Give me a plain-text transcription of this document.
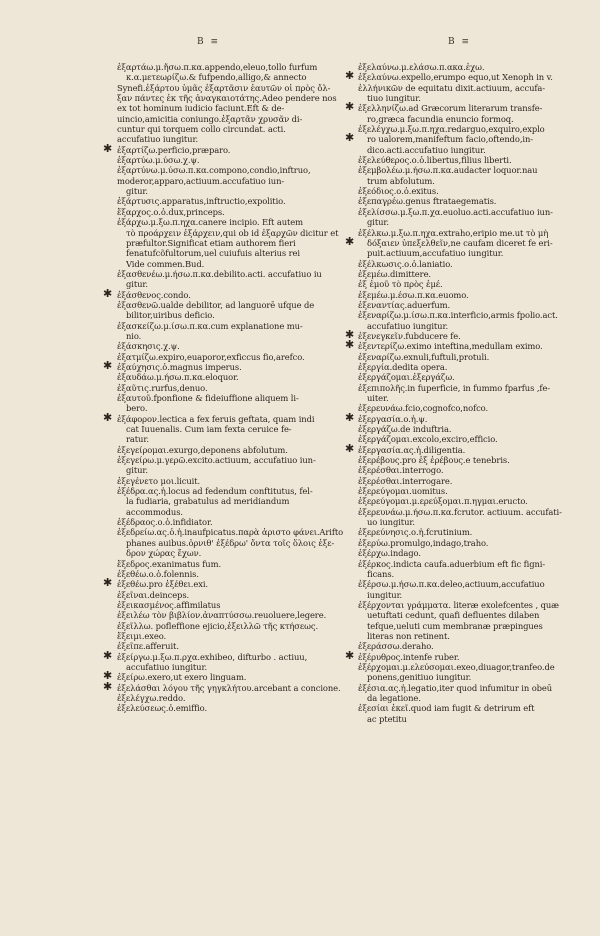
B ≡	B ≡
ἐξαρτάω.μ.ἤσω.π.κα.appendo,eleuo,tollo furfum
κ.α.μετεωρίζω.& fufpendo,alligo,& annecto
Synefi.ἐξάρτου ὑμᾶς ἐξαρτᾶσιν ἑαυτῶν οἱ πρὸς ὄλ-
ξαν πάντες ἐκ τῆς ἀναγκαιοτάτης.Adeo pendere nos
ex tot hominum iudicio faciunt.Eft & de-
uincio,amicitia coniungo.ἐξαρτᾶν χρυσᾶν di-
cuntur qui torquem collo circundat. acti.
accufatiuo iungitur.
✱ ἐξαρτίζω.perficio,præparo.
ἐξαρτύω.μ.ύσω.χ.ψ.
ἐξαρτύνω.μ.ύσω.π.κα.compono,condio,inftruo,
moderor,apparo,actiuum.accufatiuo iun-
gitur.
ἐξάρτυσις.apparatus,inftructio,expolitio.
ἔξαρχος.ο.ὁ.dux,princeps.
ἐξάρχω.μ.ξω.π.ηχα.canere incipio. Eft autem
τὸ προάρχειν ἐξάρχειν,qui ob id ἐξαρχῶν dicitur et
præfultor.Significat etiam authorem fieri
fenatufcõfultorum,uel cuiufuis alterius rei
Vide commen.Bud.
ἐξασθενέω.μ.ήσω.π.κα.debilito.acti. accufatiuo iu
gitur.
✱ ἐξάσθενος.condo.
ἐξασθενῶ.ualde debilitor, ad languorē ufque de
bilitor,uiribus deficio.
ἐξασκείζω.μ.ίσω.π.κα.cum explanatione mu-
nio.
ἐξάσκησις.χ.ψ.
ἐξατμίζω.expiro,euaporor,exficcus fio,arefco.
✱ ἐξαύχησις.ὁ.magnus imperus.
ἐξαυδάω.μ.ήσω.π.κα.eloquor.
ἐξαῦτις.rurfus,denuo.
ἐξαυτοῦ.fponfione & fideiuffione aliquem li-
bero.
✱ ἐξάφορον.lectica a fex feruis geftata, quam indi
cat Iuuenalis. Cum iam fexta ceruice fe-
ratur.
ἐξεγείρομαι.exurgo,deponens abfolutum.
ἐξεγείρω.μ.γερῶ.excito.actiuum, accufatiuo iun-
gitur.
ἐξεγένετο μοι.licuit.
ἐξέδρα.ας.ἡ.locus ad fedendum conftitutus, fel-
la fudiaria, grabatulus ad meridiandum
accommodus.
ἐξέδραος.ο.ὁ.infidiator.
ἐξεδρείω.ας.ὁ.ἡ.inaufpicatus.παρὰ ἀριστο φάνει.Arifto
phanes auibus.ὀρνιθ' ἐξέδρω' ὄντα τοῖς ὅλοις ἐξε-
δρον χώρας ἔχων.
ἔξεδρος.exanimatus fum.
ἐξεθέω.ο.ὁ.folennis.
✱ ἐξεθέω.pro ἐξέθει.exi.
ἐξεῖναι.deinceps.
ἐξεικασμένος.affimilatus
ἐξειλέω τὸν βιβλίον.ἀναπτύσσω.reuoluere,legere.
ἐξεῖλλω. pofleffione ejicio,ἐξειλλῶ τῆς κτήσεως.
ἔξειμι.exeo.
ἐξεῖπε.afferuit.
✱ ἐξείργω.μ.ξω.π.ρχα.exhibeo, difturbo . actiuu,
accufatiuo iungitur.
✱ ἐξείρω.exero,ut exero linguam.
✱ ἐξελάσθαι λόγου τῆς γηγκλήτου.arcebant a concione.
ἐξελέγχω.reddo.
ἐξελεύσεως.ὁ.emiffio.
ἐξελαύνω.μ.ελάσω.π.ακα.ἐχω.
✱ ἐξελαύνω.expello,erumpo equo,ut Xenoph in v.
ἐλλήνικῶν de equitatu dixit.actiuum, accufa-
tiuo iungitur.
✱ ἐξελληνίζω.ad Græcorum literarum transfe-
ro,græca facundia enuncio formoq.
ἐξελέγχω.μ.ξω.π.ηχα.redarguo,exquiro,explo
✱ ro ualorem,manifeftum facio,oftendo,in-
dico.acti.accufatiuo iungitur.
ἐξελεύθερος.ο.ὁ.libertus,filius liberti.
ἐξεμβολέω.μ.ήσω.π.κα.audacter loquor.nau
trum abfolutum.
ἐξεόδιος.ο.ὁ.exitus.
ἐξεπαγρέω.genus ftrataegematis.
ἐξελίσσω.μ.ξω.π.χα.euoluo.acti.accufatiuo iun-
gitur.
ἐξέλκω.μ.ξω.π.ηχα.extraho,eripio me.ut τὸ μὴ
✱ δόξαιεν ὑπεξελθεῖν,ne caufam diceret fe eri-
puit.actiuum,accufatiuo iungitur.
ἐξέλκωσις.ο.ὁ.laniatio.
ἐξεμέω.dimittere.
ἐξ ἐμοῦ τὸ πρὸς ἐμέ.
ἐξεμέω.μ.έσω.π.κα.euomo.
ἐξεναντίας.aduerfum.
ἐξεναρίζω.μ.ίσω.π.κα.interficio,armis fpolio.act.
accufatiuo iungitur.
✱ ἐξενεγκεῖν.fubducere fe.
✱ ἐξεντερίζω.eximo inteftina,medullam eximo.
ἐξεναρίζω.exnuli,fuftuli,protuli.
ἐξεργία.dedita opera.
ἐξεργάζομαι.ἐξεργάζω.
ἐξεπιπολῆς.in fuperficie, in fummo fparfus ,fe-
uiter.
ἐξερευνάω.fcio,cognofco,nofco.
✱ ἐξεργασία.ο.ἡ.ψ.
ἐξεργάζω.de induftria.
ἐξεργάζομαι.excolo,exciro,efficio.
✱ ἐξεργασία.ας.ἡ.diligentia.
ἐξερέβους.pro ἐξ ἐρέβους.e tenebris.
ἐξερέσθαι.interrogo.
ἐξερέσθαι.interrogare.
ἐξερεύγομαι.uomitus.
ἐξερεύγομαι.μ.ερεύξομαι.π.ηγμαι.eructo.
ἐξερευνάω.μ.ήσω.π.κα.fcrutor. actiuum. accufati-
uo iungitur.
ἐξερεύνησις.ο.ἡ.fcrutinium.
ἐξερύω.promulgo,indago,traho.
ἐξέρχω.indago.
ἐξέρκος.indicta caufa.aduerbium eft fic figni-
ficans.
ἐξέρσω.μ.ήσω.π.κα.deleo,actiuum,accufatiuo
iungitur.
ἐξέρχονται γράμματα. literæ exolefcentes , quæ
uetuftati cedunt, quafi defluentes dilaben
tefque,ueluti cum membranæ præpingues
literas non retinent.
ἐξεράσσω.deraho.
✱ ἐξέρυθρος.intenfe ruber.
ἐξέρχομαι.μ.ελεύσομαι.exeo,diuagor,tranfeo.de
ponens,genitiuo iungitur.
ἐξέσια.ας.ἡ.legatio,iter quod infumitur in obeū
da legatione.
ἐξεσίαι ἐκεῖ.quod iam fugit & detrirum eft
ac ptetitu
